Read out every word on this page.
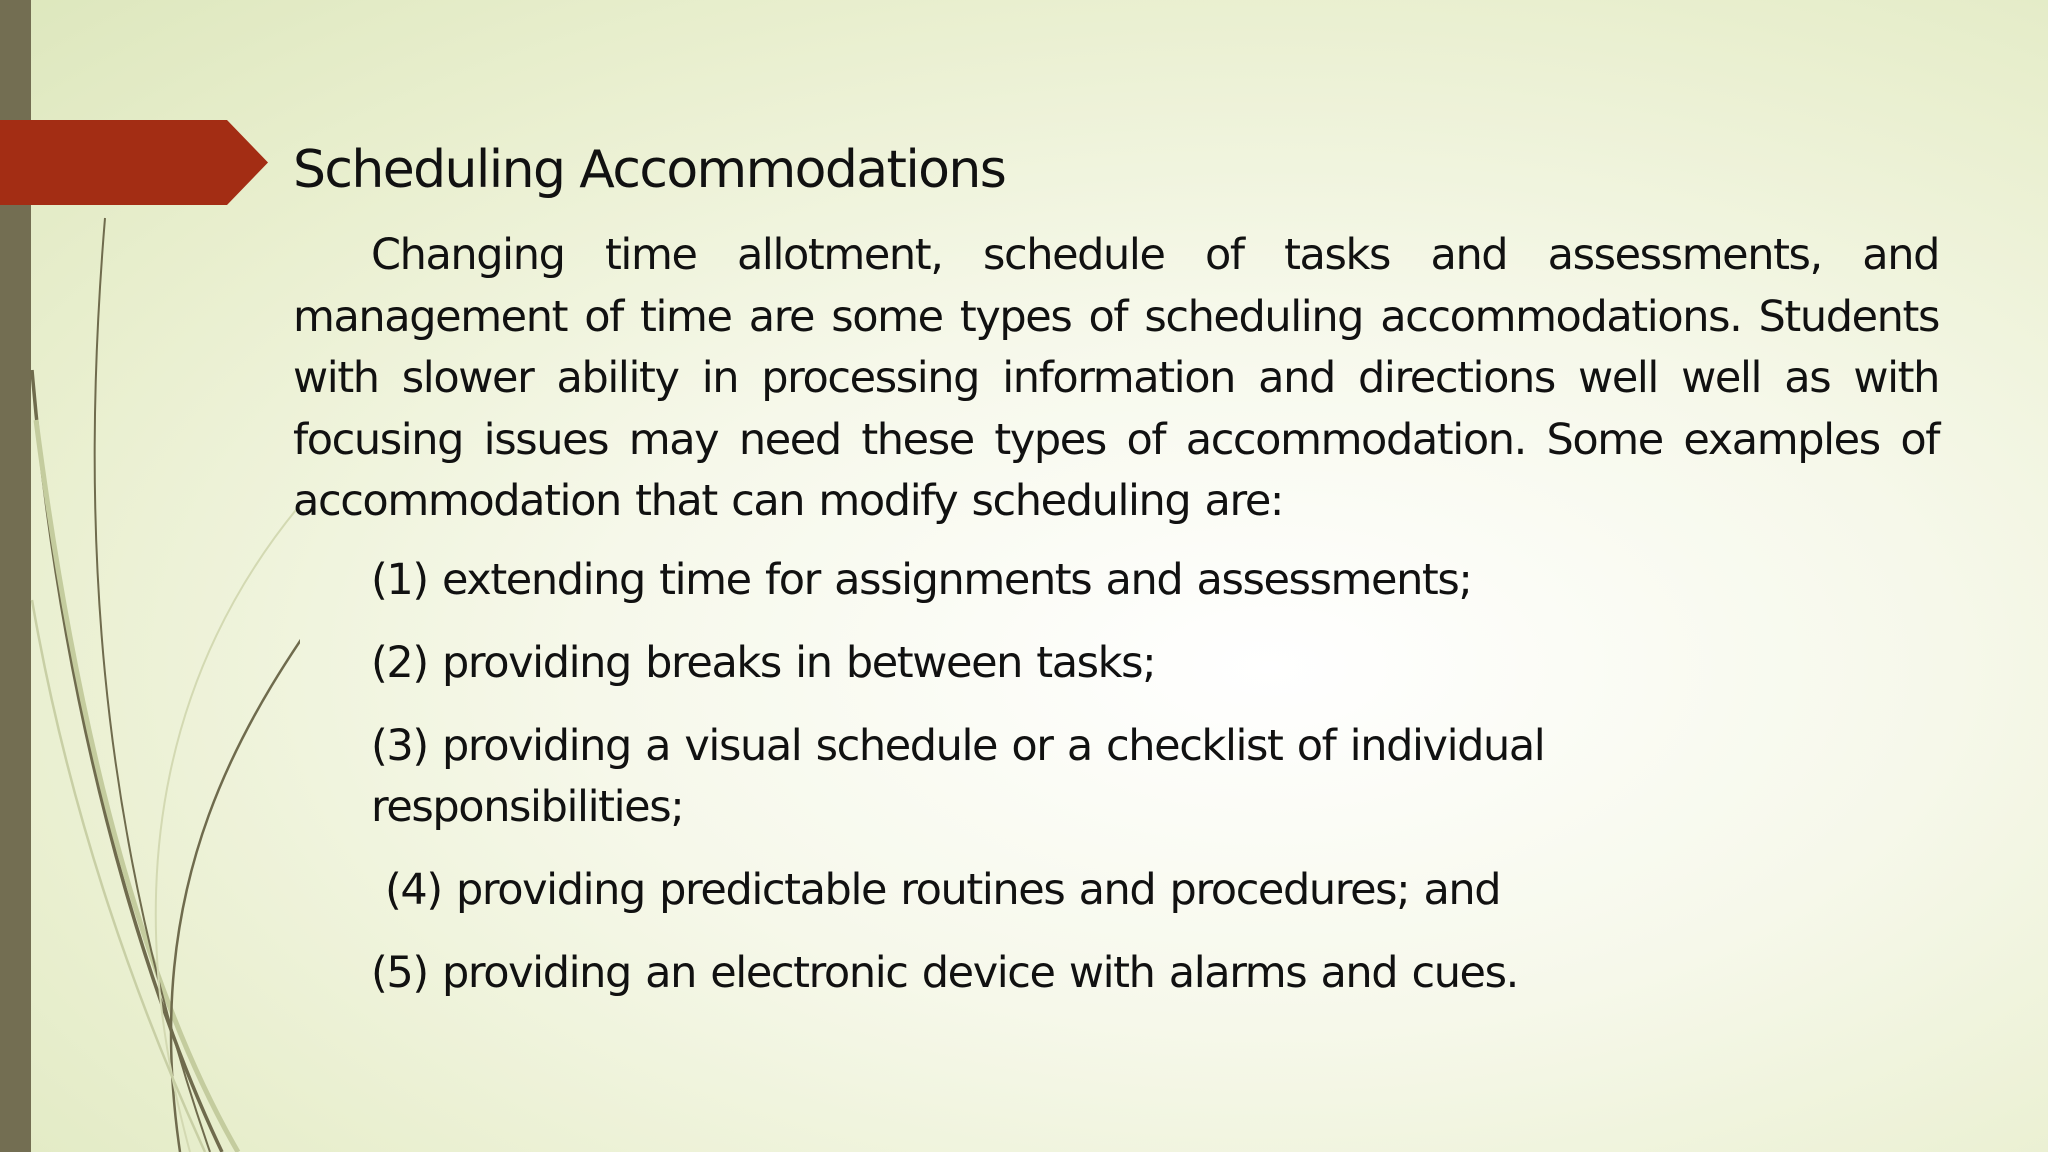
Scheduling Accommodations

Changing time allotment, schedule of tasks and assessments, and management of time are some types of scheduling accommodations. Students with slower ability in processing information and directions well well as with focusing issues may need these types of accommodation. Some examples of accommodation that can modify scheduling are:

(1) extending time for assignments and assessments;
(2) providing breaks in between tasks;
(3) providing a visual schedule or a checklist of individual responsibilities;
(4) providing predictable routines and procedures; and
(5) providing an electronic device with alarms and cues.
